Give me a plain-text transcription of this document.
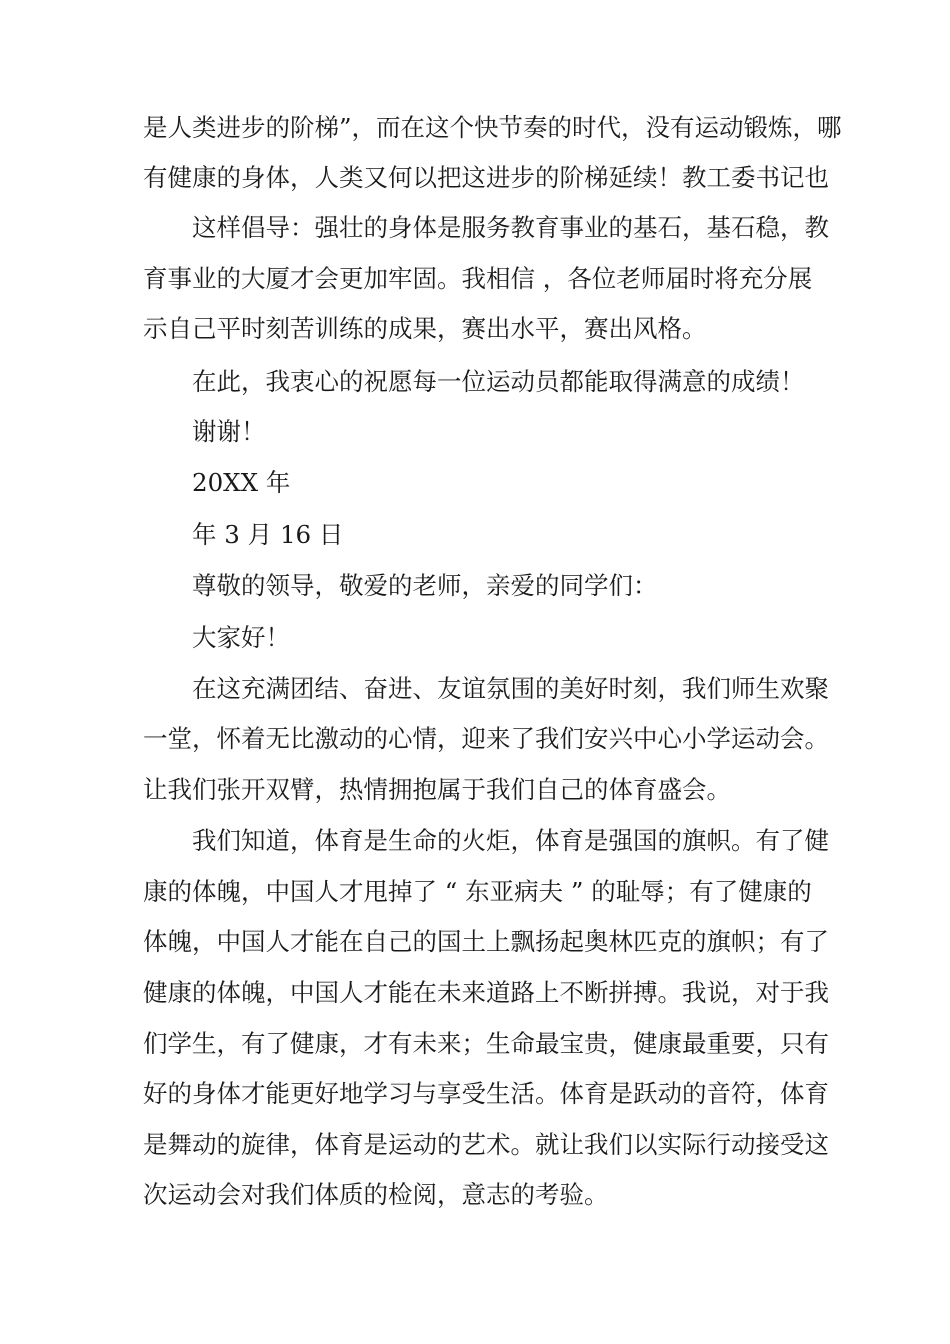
是人类进步的阶梯”，而在这个快节奏的时代，没有运动锻炼，哪

有健康的身体，人类又何以把这进步的阶梯延续！教工委书记也

这样倡导：强壮的身体是服务教育事业的基石，基石稳，教

育事业的大厦才会更加牢固。我相信 ，各位老师届时将充分展

示自己平时刻苦训练的成果，赛出水平，赛出风格。

在此，我衷心的祝愿每一位运动员都能取得满意的成绩！

谢谢！

20XX 年

年 3 月 16 日

尊敬的领导，敬爱的老师，亲爱的同学们：

大家好！

在这充满团结、奋进、友谊氛围的美好时刻，我们师生欢聚

一堂，怀着无比激动的心情，迎来了我们安兴中心小学运动会。

让我们张开双臂，热情拥抱属于我们自己的体育盛会。

我们知道，体育是生命的火炬，体育是强国的旗帜。有了健

康的体魄，中国人才甩掉了 “ 东亚病夫 ” 的耻辱；有了健康的

体魄，中国人才能在自己的国土上飘扬起奥林匹克的旗帜；有了

健康的体魄，中国人才能在未来道路上不断拼搏。我说，对于我

们学生，有了健康，才有未来；生命最宝贵，健康最重要，只有

好的身体才能更好地学习与享受生活。体育是跃动的音符，体育

是舞动的旋律，体育是运动的艺术。就让我们以实际行动接受这

次运动会对我们体质的检阅，意志的考验。
